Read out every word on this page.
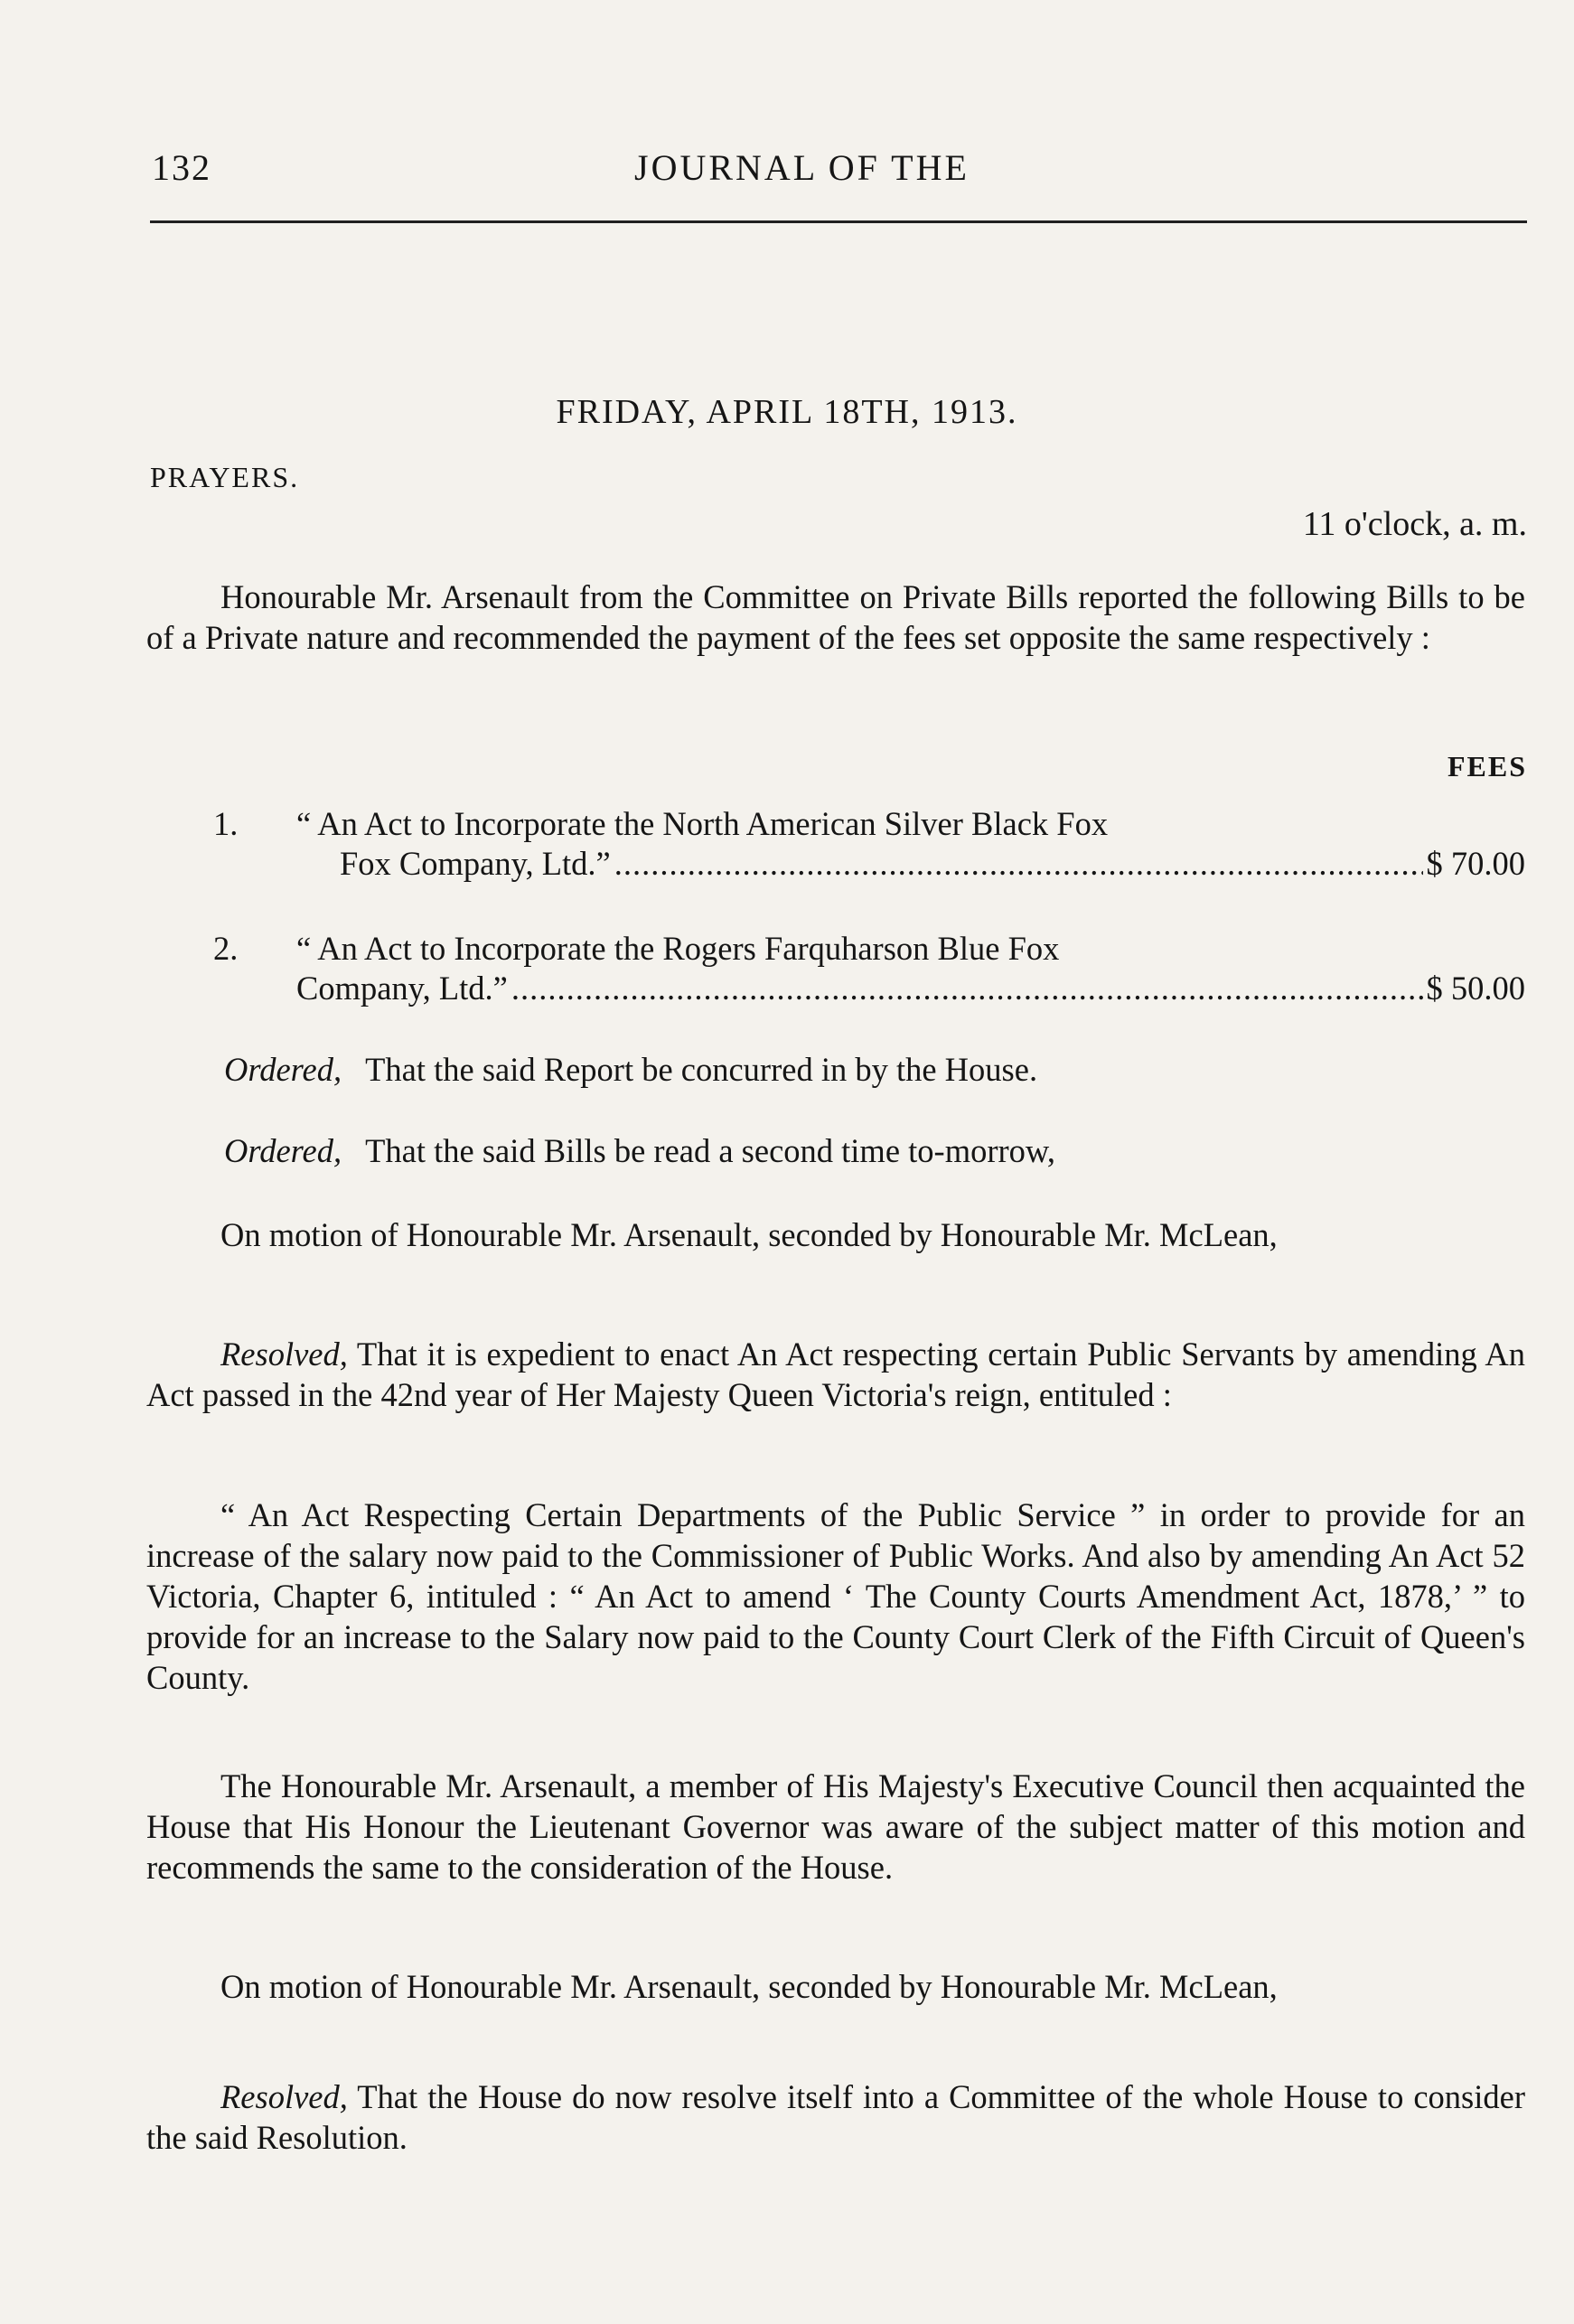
132	JOURNAL OF THE
FRIDAY, APRIL 18TH, 1913.
PRAYERS.
11 o'clock, a. m.

Honourable Mr. Arsenault from the Committee on Private Bills reported the following Bills to be of a Private nature and recommended the payment of the fees set opposite the same respectively :

FEES
1. “ An Act to Incorporate the North American Silver Black Fox
Fox Company, Ltd.” .....	$ 70.00
2. “ An Act to Incorporate the Rogers Farquharson Blue Fox
Company, Ltd.” .....	$ 50.00
Ordered, That the said Report be concurred in by the House.
Ordered, That the said Bills be read a second time to-morrow,

On motion of Honourable Mr. Arsenault, seconded by Honourable Mr. McLean,

Resolved, That it is expedient to enact An Act respecting certain Public Servants by amending An Act passed in the 42nd year of Her Majesty Queen Victoria's reign, entituled :

“ An Act Respecting Certain Departments of the Public Service ” in order to provide for an increase of the salary now paid to the Commissioner of Public Works. And also by amending An Act 52 Victoria, Chapter 6, intituled : “ An Act to amend ‘ The County Courts Amendment Act, 1878,’ ” to provide for an increase to the Salary now paid to the County Court Clerk of the Fifth Circuit of Queen's County.

The Honourable Mr. Arsenault, a member of His Majesty's Executive Council then acquainted the House that His Honour the Lieutenant Governor was aware of the subject matter of this motion and recommends the same to the consideration of the House.

On motion of Honourable Mr. Arsenault, seconded by Honourable Mr. McLean,

Resolved, That the House do now resolve itself into a Committee of the whole House to consider the said Resolution.
